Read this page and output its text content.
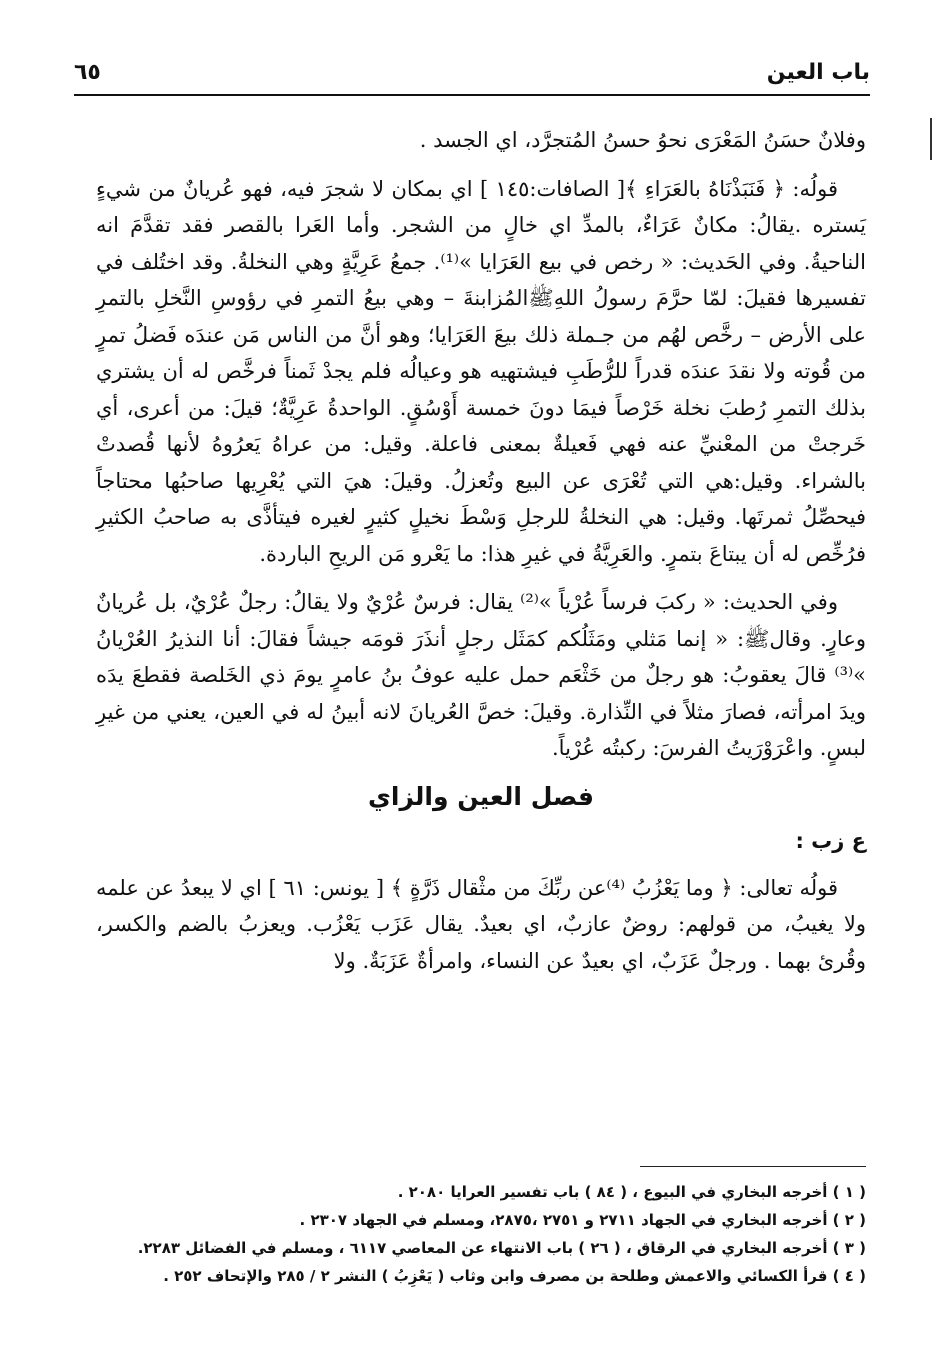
باب العين
٦٥

وفلانٌ حسَنُ المَعْرَى نحوُ حسنُ المُتجرَّد، اي الجسد .

قولُه: ﴿ فَنَبَذْنَاهُ بالعَرَاءِ ﴾[ الصافات:١٤٥ ] اي بمكان لا شجرَ فيه، فهو عُريانٌ من شيءٍ يَستره .يقالُ: مكانٌ عَرَاءٌ، بالمدِّ اي خالٍ من الشجر. وأما العَرا بالقصر فقد تقدَّمَ انه الناحيةُ. وفي الحَديث: « رخص في بيع العَرَايا »⁽¹⁾. جمعُ عَرِيَّةٍ وهي النخلةُ. وقد اختُلف في تفسيرها فقيلَ: لمّا حرَّمَ رسولُ اللهِﷺالمُزابنةَ – وهي بيعُ التمرِ في رؤوسِ النَّخلِ بالتمرِ على الأرض – رخَّص لهُم من جـملة ذلك بيعَ العَرَايا؛ وهو أنَّ من الناس مَن عندَه فَضلُ تمرٍ من قُوته ولا نقدَ عندَه قدراً للرُّطَبِ فيشتهيه هو وعيالُه فلم يجدْ ثَمناً فرخَّص له أن يشتري بذلك التمرِ رُطبَ نخلة خَرْصاً فيمَا دونَ خمسة أَوْسُقٍ. الواحدةُ عَرِيَّةٌ؛ قيلَ: من أعرى، أي خَرجتْ من المعْنيِّ عنه فهي فَعيلةٌ بمعنى فاعلة. وقيل: من عراهُ يَعرُوهُ لأنها قُصدتْ بالشراء. وقيل:هي التي تُعْرَى عن البيع وتُعزلُ. وقيلَ: هيَ التي يُعْرِيها صاحبُها محتاجاً فيحصِّلُ ثمرتَها. وقيل: هي النخلةُ للرجلِ وَسْطَ نخيلٍ كثيرٍ لغيره فيتأذَّى به صاحبُ الكثيرِ فرُخِّص له أن يبتاعَ بتمرٍ. والعَرِيَّةُ في غيرِ هذا: ما يَعْرو مَن الريحِ الباردة.

وفي الحديث: « ركبَ فرساً عُرْياً »⁽²⁾ يقال: فرسٌ عُرْيٌ ولا يقالُ: رجلٌ عُرْيٌ، بل عُريانٌ وعارٍ. وقالﷺ: « إنما مَثلي ومَثَلُكم كمَثَل رجلٍ أنذَرَ قومَه جيشاً فقالَ: أنا النذيرُ العُرْيانُ »⁽³⁾ قالَ يعقوبُ: هو رجلٌ من خَثْعَم حمل عليه عوفُ بنُ عامرٍ يومَ ذي الخَلصة فقطعَ يدَه ويدَ امرأته، فصارَ مثلاً في النِّذارة. وقيلَ: خصَّ العُريانَ لانه أبينُ له في العين، يعني من غيرِ لبسٍ. واعْرَوْرَيتُ الفرسَ: ركبتُه عُرْياً.

فصل العين والزاي
ع زب :

قولُه تعالى: ﴿ وما يَعْزُبُ ⁽⁴⁾عن ربِّكَ من مثْقال ذَرَّةٍ ﴾ [ يونس: ٦١ ] اي لا يبعدُ عن علمه ولا يغيبُ، من قولهم: روضٌ عازبٌ، اي بعيدٌ. يقال عَزَب يَعْزُب. ويعزبُ بالضم والكسر، وقُرئ بهما . ورجلٌ عَزَبٌ، اي بعيدٌ عن النساء، وامرأةٌ عَزَبَةٌ. ولا

( ١ ) أخرجه البخاري في البيوع ، ( ٨٤ ) باب تفسير العرايا ٢٠٨٠ .

( ٢ ) أخرجه البخاري في الجهاد ٢٧١١ و ٢٧٥١ ،٢٨٧٥، ومسلم في الجهاد ٢٣٠٧ .

( ٣ ) أخرجه البخاري في الرقاق ، ( ٢٦ ) باب الانتهاء عن المعاصي ٦١١٧ ، ومسلم في الفضائل ٢٢٨٣.

( ٤ ) قرأ الكسائي والاعمش وطلحة بن مصرف وابن وثاب ( يَعْزِبُ ) النشر ٢ / ٢٨٥ والإتحاف ٢٥٢ .
